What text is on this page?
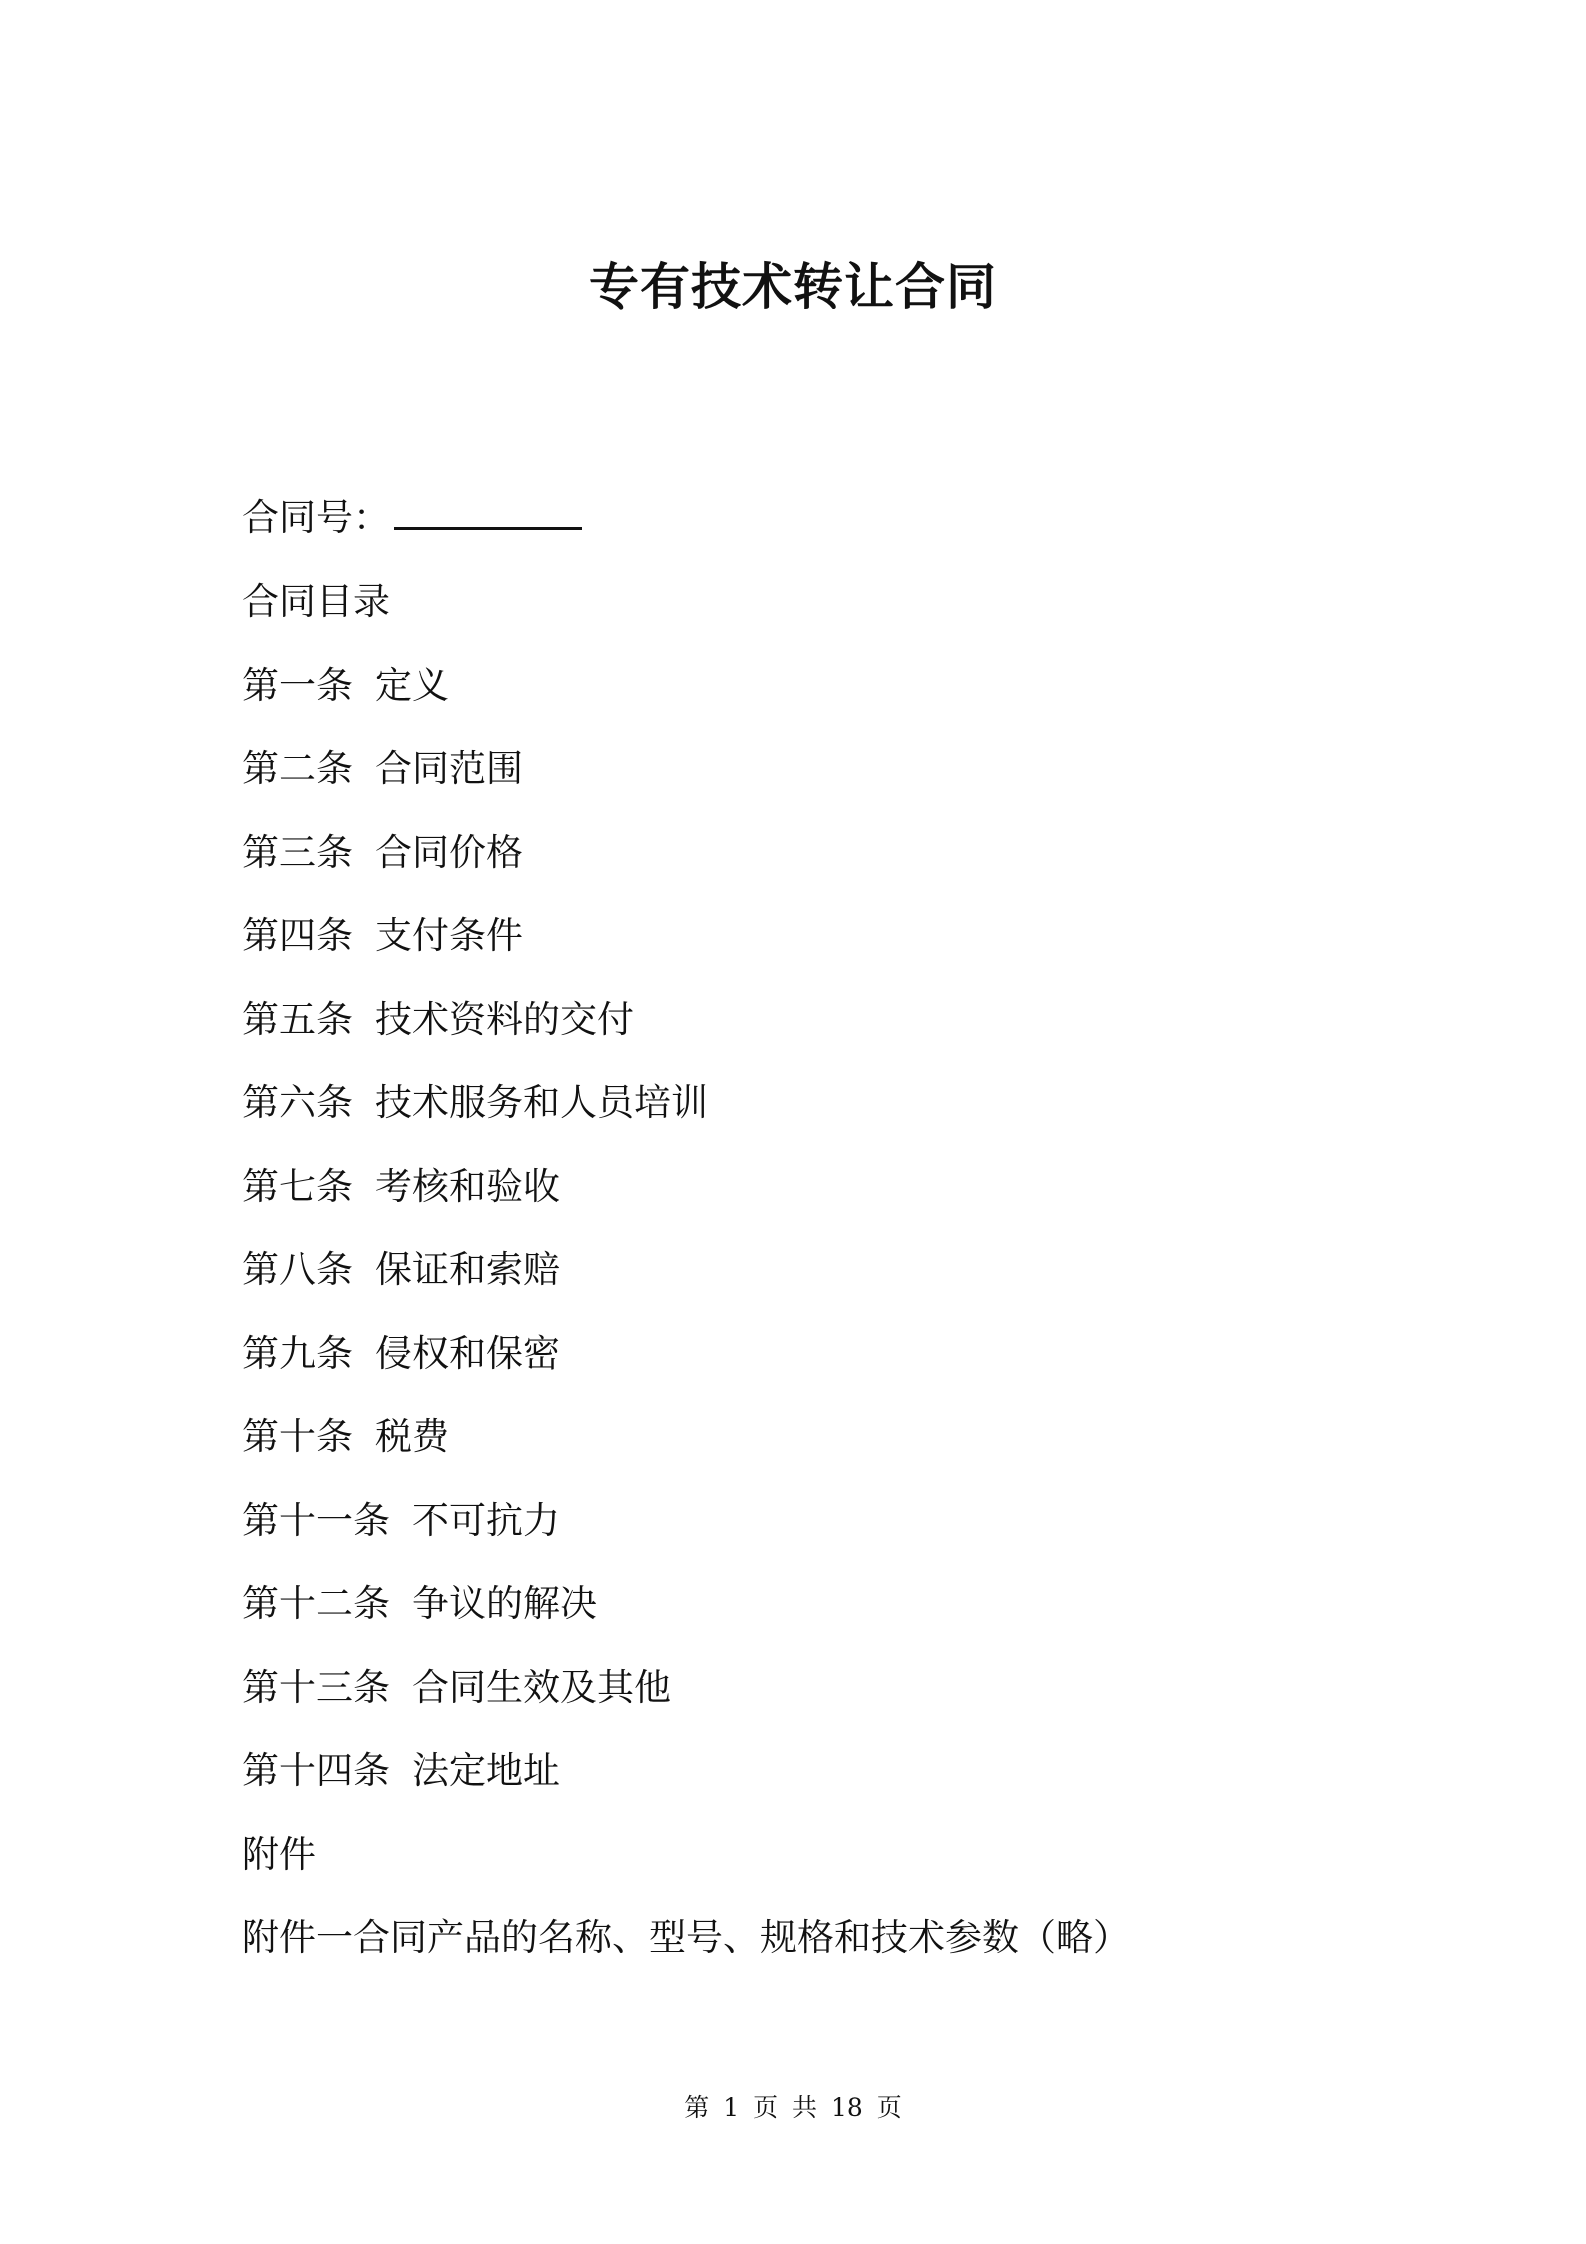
专有技术转让合同
合同号：
合同目录
第一条 定义
第二条 合同范围
第三条 合同价格
第四条 支付条件
第五条 技术资料的交付
第六条 技术服务和人员培训
第七条 考核和验收
第八条 保证和索赔
第九条 侵权和保密
第十条 税费
第十一条 不可抗力
第十二条 争议的解决
第十三条 合同生效及其他
第十四条 法定地址
附件
附件一合同产品的名称、型号、规格和技术参数（略）
第 1 页 共 18 页
